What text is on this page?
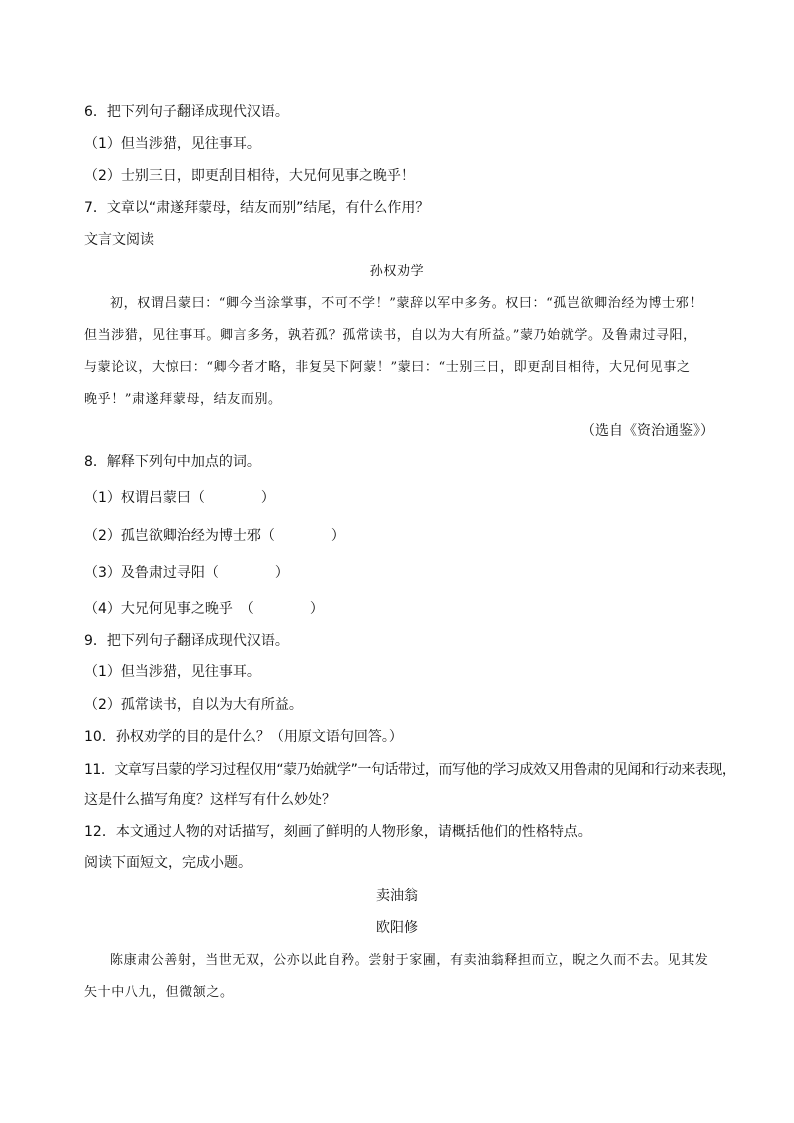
6．把下列句子翻译成现代汉语。
（1）但当涉猎，见往事耳。
（2）士别三日，即更刮目相待，大兄何见事之晚乎！
7．文章以“肃遂拜蒙母，结友而别”结尾，有什么作用？
文言文阅读
孙权劝学
初，权谓吕蒙曰：“卿今当涂掌事，不可不学！”蒙辞以军中多务。权曰：“孤岂欲卿治经为博士邪！
但当涉猎，见往事耳。卿言多务，孰若孤？孤常读书，自以为大有所益。”蒙乃始就学。及鲁肃过寻阳，
与蒙论议，大惊曰：“卿今者才略，非复吴下阿蒙！”蒙曰：“士别三日，即更刮目相待，大兄何见事之
晚乎！”肃遂拜蒙母，结友而别。
（选自《资治通鉴》）
8．解释下列句中加点的词。
（1）权谓吕蒙曰（　　　　）
（2）孤岂欲卿治经为博士邪（　　　　）
（3）及鲁肃过寻阳（　　　　）
（4）大兄何见事之晚乎　（　　　　）
9．把下列句子翻译成现代汉语。
（1）但当涉猎，见往事耳。
（2）孤常读书，自以为大有所益。
10．孙权劝学的目的是什么？（用原文语句回答。）
11．文章写吕蒙的学习过程仅用“蒙乃始就学”一句话带过，而写他的学习成效又用鲁肃的见闻和行动来表现，
这是什么描写角度？这样写有什么妙处？
12．本文通过人物的对话描写，刻画了鲜明的人物形象，请概括他们的性格特点。
阅读下面短文，完成小题。
卖油翁
欧阳修
陈康肃公善射，当世无双，公亦以此自矜。尝射于家圃，有卖油翁释担而立，睨之久而不去。见其发
矢十中八九，但微颔之。
